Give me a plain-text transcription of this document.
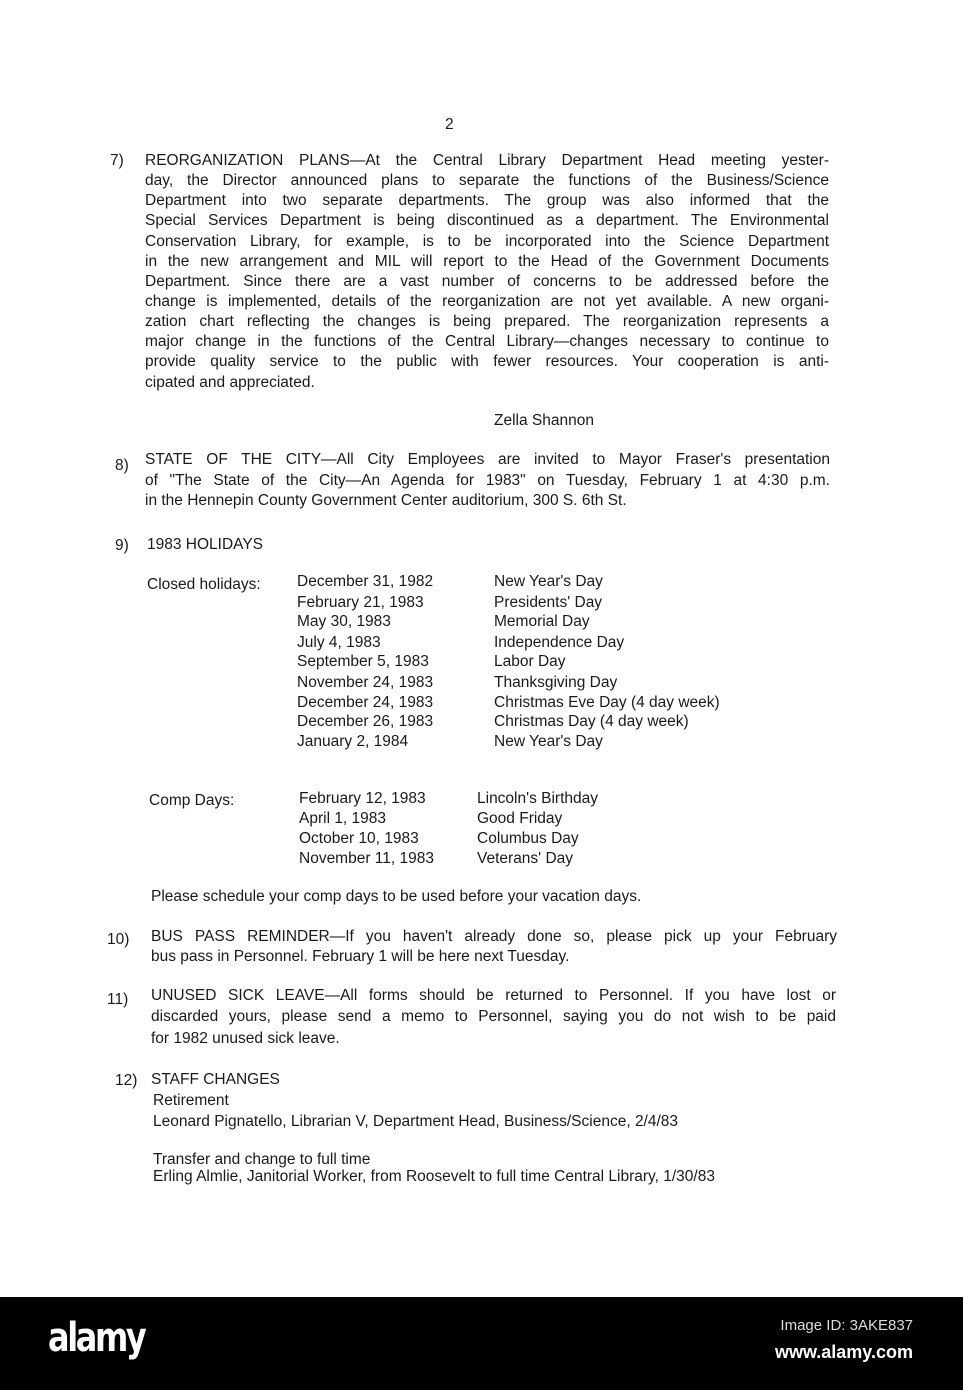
2
7) REORGANIZATION PLANS—At the Central Library Department Head meeting yester-
day, the Director announced plans to separate the functions of the Business/Science
Department into two separate departments. The group was also informed that the
Special Services Department is being discontinued as a department. The Environmental
Conservation Library, for example, is to be incorporated into the Science Department
in the new arrangement and MIL will report to the Head of the Government Documents
Department. Since there are a vast number of concerns to be addressed before the
change is implemented, details of the reorganization are not yet available. A new organi-
zation chart reflecting the changes is being prepared. The reorganization represents a
major change in the functions of the Central Library—changes necessary to continue to
provide quality service to the public with fewer resources. Your cooperation is anti-
cipated and appreciated.
Zella Shannon
8) STATE OF THE CITY—All City Employees are invited to Mayor Fraser's presentation
of "The State of the City—An Agenda for 1983" on Tuesday, February 1 at 4:30 p.m.
in the Hennepin County Government Center auditorium, 300 S. 6th St.
9) 1983 HOLIDAYS
Closed holidays: December 31, 1982	New Year's Day
February 21, 1983	Presidents' Day
May 30, 1983	Memorial Day
July 4, 1983	Independence Day
September 5, 1983	Labor Day
November 24, 1983	Thanksgiving Day
December 24, 1983	Christmas Eve Day (4 day week)
December 26, 1983	Christmas Day (4 day week)
January 2, 1984	New Year's Day
Comp Days:	February 12, 1983	Lincoln's Birthday
April 1, 1983	Good Friday
October 10, 1983	Columbus Day
November 11, 1983	Veterans' Day
Please schedule your comp days to be used before your vacation days.
10) BUS PASS REMINDER—If you haven't already done so, please pick up your February
bus pass in Personnel. February 1 will be here next Tuesday.
11) UNUSED SICK LEAVE—All forms should be returned to Personnel. If you have lost or
discarded yours, please send a memo to Personnel, saying you do not wish to be paid
for 1982 unused sick leave.
12) STAFF CHANGES
Retirement
Leonard Pignatello, Librarian V, Department Head, Business/Science, 2/4/83
Transfer and change to full time
Erling Almlie, Janitorial Worker, from Roosevelt to full time Central Library, 1/30/83
alamy	Image ID: 3AKE837
www.alamy.com
